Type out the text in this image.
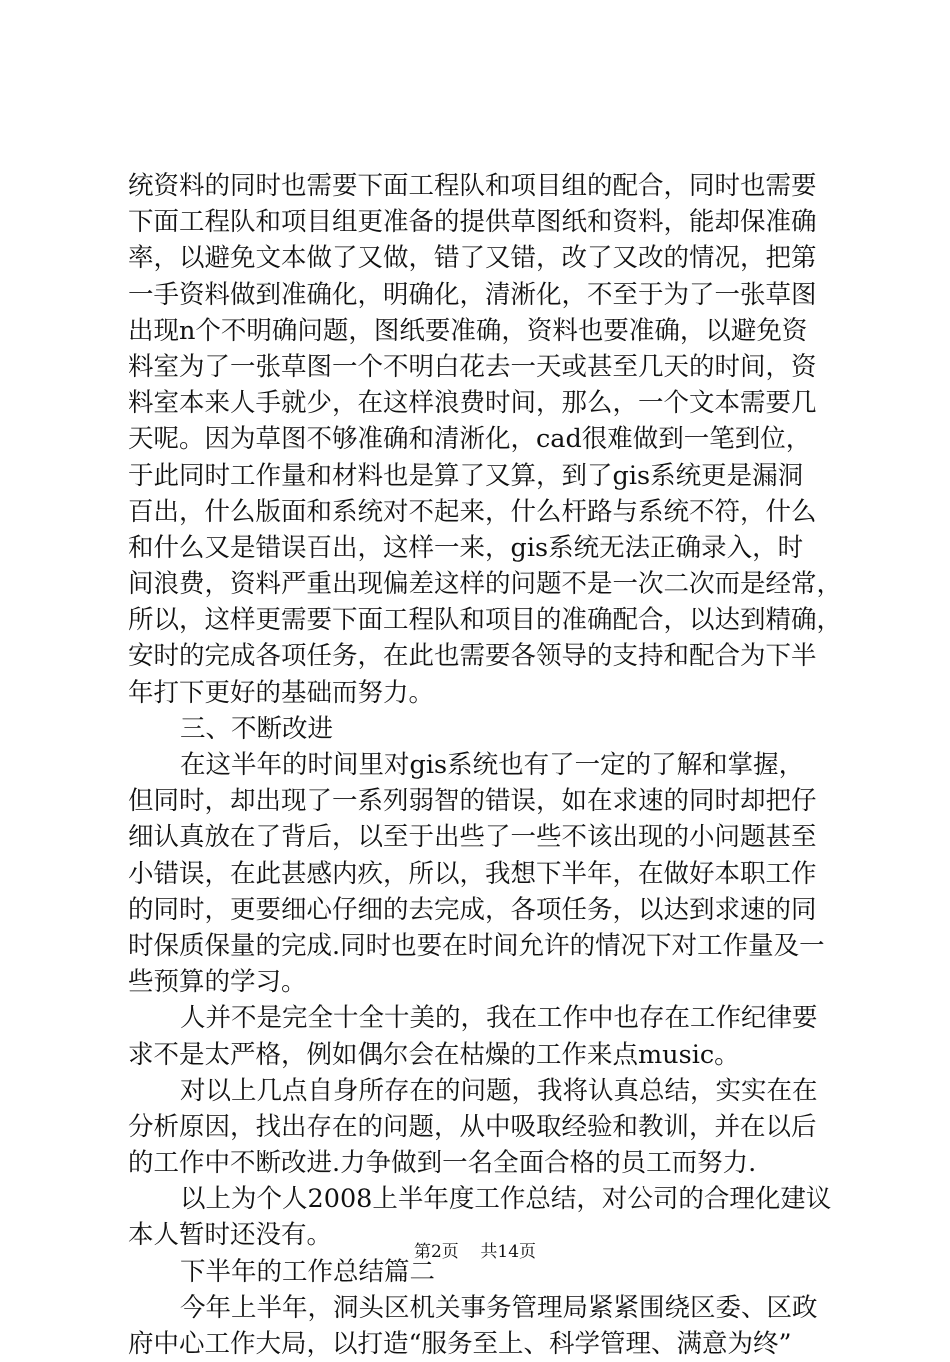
统资料的同时也需要下面工程队和项目组的配合，同时也需要
下面工程队和项目组更准备的提供草图纸和资料，能却保准确
率，以避免文本做了又做，错了又错，改了又改的情况，把第
一手资料做到准确化，明确化，清淅化，不至于为了一张草图
出现n个不明确问题，图纸要准确，资料也要准确，以避免资
料室为了一张草图一个不明白花去一天或甚至几天的时间，资
料室本来人手就少，在这样浪费时间，那么，一个文本需要几
天呢。因为草图不够准确和清淅化，cad很难做到一笔到位，
于此同时工作量和材料也是算了又算，到了gis系统更是漏洞
百出，什么版面和系统对不起来，什么杆路与系统不符，什么
和什么又是错误百出，这样一来，gis系统无法正确录入，时
间浪费，资料严重出现偏差这样的问题不是一次二次而是经常，
所以，这样更需要下面工程队和项目的准确配合，以达到精确，
安时的完成各项任务，在此也需要各领导的支持和配合为下半
年打下更好的基础而努力。
三、不断改进
在这半年的时间里对gis系统也有了一定的了解和掌握，
但同时，却出现了一系列弱智的错误，如在求速的同时却把仔
细认真放在了背后，以至于出些了一些不该出现的小问题甚至
小错误，在此甚感内疚，所以，我想下半年，在做好本职工作
的同时，更要细心仔细的去完成，各项任务，以达到求速的同
时保质保量的完成.同时也要在时间允许的情况下对工作量及一
些预算的学习。
人并不是完全十全十美的，我在工作中也存在工作纪律要
求不是太严格，例如偶尔会在枯燥的工作来点music。
对以上几点自身所存在的问题，我将认真总结，实实在在
分析原因，找出存在的问题，从中吸取经验和教训，并在以后
的工作中不断改进.力争做到一名全面合格的员工而努力.
以上为个人2008上半年度工作总结，对公司的合理化建议
本人暂时还没有。
下半年的工作总结篇二
今年上半年，洞头区机关事务管理局紧紧围绕区委、区政
府中心工作大局，以打造“服务至上、科学管理、满意为终”
第2页 共14页
